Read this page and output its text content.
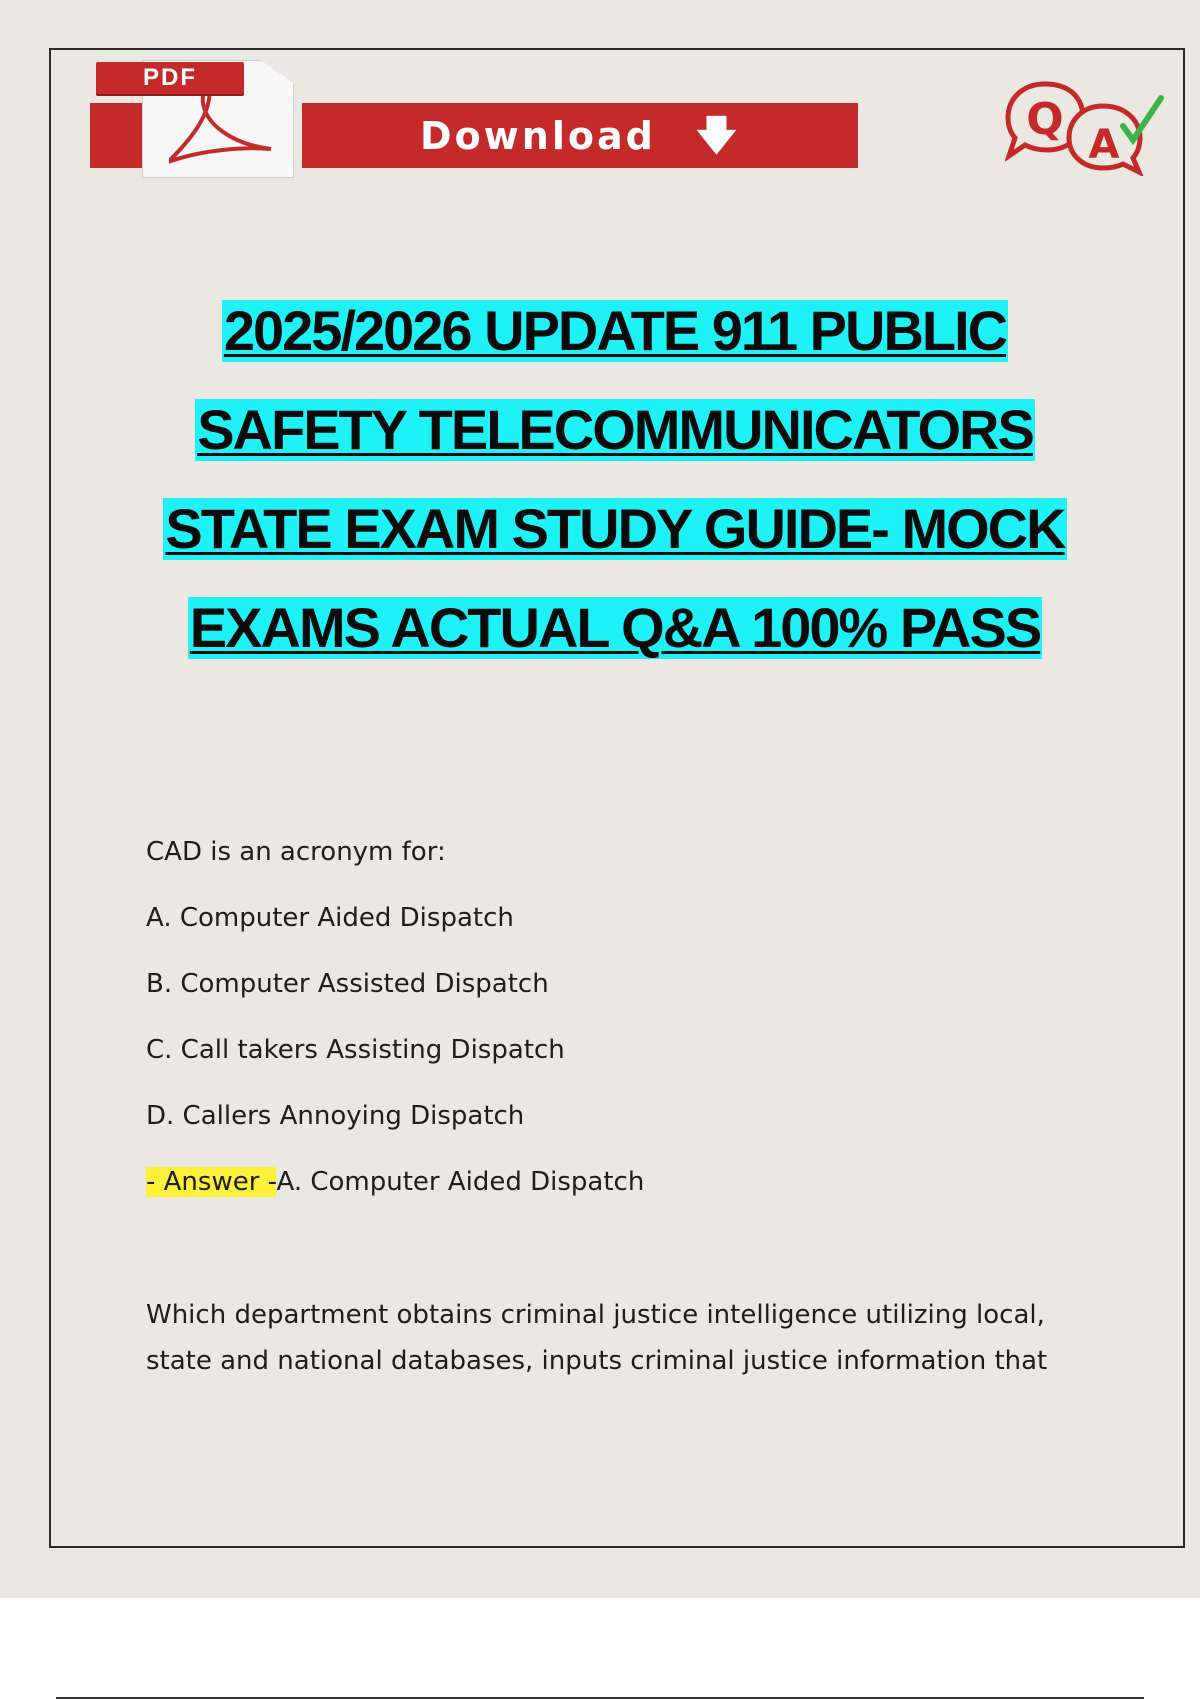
PDF
Download 🡇	Q A
2025/2026 UPDATE 911 PUBLIC
SAFETY TELECOMMUNICATORS
STATE EXAM STUDY GUIDE- MOCK
EXAMS ACTUAL Q&A 100% PASS

CAD is an acronym for:

A. Computer Aided Dispatch

B. Computer Assisted Dispatch

C. Call takers Assisting Dispatch

D. Callers Annoying Dispatch

- Answer -A. Computer Aided Dispatch

Which department obtains criminal justice intelligence utilizing local,
state and national databases, inputs criminal justice information that
